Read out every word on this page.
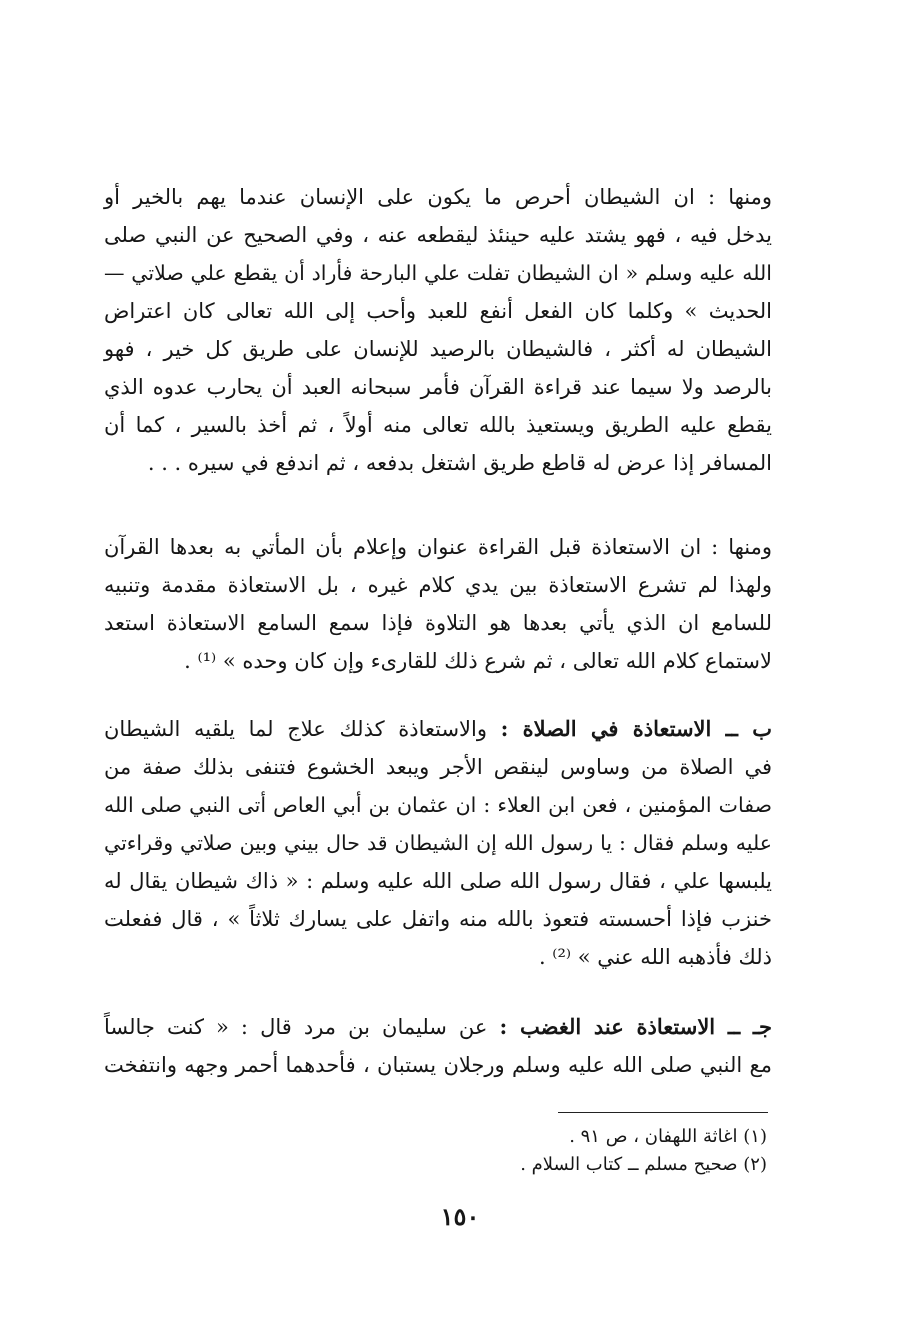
ومنها : ان الشيطان أحرص ما يكون على الإنسان عندما يهم بالخير أو
يدخل فيه ، فهو يشتد عليه حينئذ ليقطعه عنه ، وفي الصحيح عن النبي صلى
الله عليه وسلم « ان الشيطان تفلت علي البارحة فأراد أن يقطع علي صلاتي —
الحديث » وكلما كان الفعل أنفع للعبد وأحب إلى الله تعالى كان اعتراض
الشيطان له أكثر ، فالشيطان بالرصيد للإنسان على طريق كل خير ، فهو
بالرصد ولا سيما عند قراءة القرآن فأمر سبحانه العبد أن يحارب عدوه الذي
يقطع عليه الطريق ويستعيذ بالله تعالى منه أولاً ، ثم أخذ بالسير ، كما أن
المسافر إذا عرض له قاطع طريق اشتغل بدفعه ، ثم اندفع في سيره . . .
ومنها : ان الاستعاذة قبل القراءة عنوان وإعلام بأن المأتي به بعدها القرآن
ولهذا لم تشرع الاستعاذة بين يدي كلام غيره ، بل الاستعاذة مقدمة وتنبيه
للسامع ان الذي يأتي بعدها هو التلاوة فإذا سمع السامع الاستعاذة استعد
لاستماع كلام الله تعالى ، ثم شرع ذلك للقارىء وإن كان وحده » ⁽¹⁾ .
ب ــ الاستعاذة في الصلاة : والاستعاذة كذلك علاج لما يلقيه الشيطان
في الصلاة من وساوس لينقص الأجر ويبعد الخشوع فتنفى بذلك صفة من
صفات المؤمنين ، فعن ابن العلاء : ان عثمان بن أبي العاص أتى النبي صلى الله
عليه وسلم فقال : يا رسول الله إن الشيطان قد حال بيني وبين صلاتي وقراءتي
يلبسها علي ، فقال رسول الله صلى الله عليه وسلم : « ذاك شيطان يقال له
خنزب فإذا أحسسته فتعوذ بالله منه واتفل على يسارك ثلاثاً » ، قال ففعلت
ذلك فأذهبه الله عني » ⁽²⁾ .
جـ ــ الاستعاذة عند الغضب : عن سليمان بن مرد قال : « كنت جالساً
مع النبي صلى الله عليه وسلم ورجلان يستبان ، فأحدهما أحمر وجهه وانتفخت
(١) اغاثة اللهفان ، ص ٩١ .
(٢) صحيح مسلم ــ كتاب السلام .
١٥٠
